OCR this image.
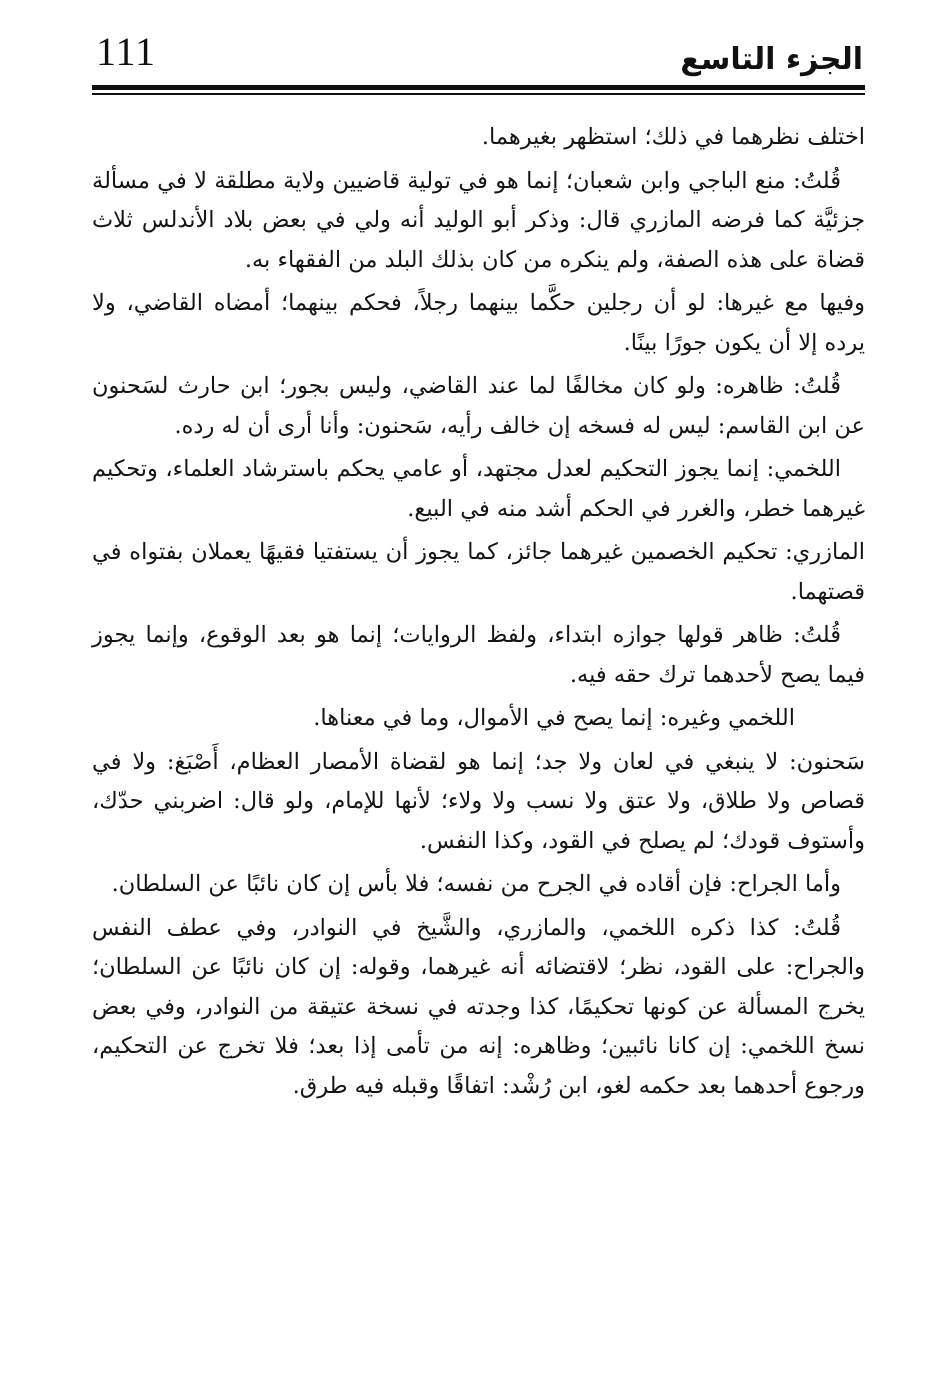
111	الجزء التاسع

اختلف نظرهما في ذلك؛ استظهر بغيرهما.

قُلتُ: منع الباجي وابن شعبان؛ إنما هو في تولية قاضيين ولاية مطلقة لا في مسألة جزئيَّة كما فرضه المازري قال: وذكر أبو الوليد أنه ولي في بعض بلاد الأندلس ثلاث قضاة على هذه الصفة، ولم ينكره من كان بذلك البلد من الفقهاء به.

وفيها مع غيرها: لو أن رجلين حكَّما بينهما رجلاً، فحكم بينهما؛ أمضاه القاضي، ولا يرده إلا أن يكون جورًا بينًا.

قُلتُ: ظاهره: ولو كان مخالفًا لما عند القاضي، وليس بجور؛ ابن حارث لسَحنون عن ابن القاسم: ليس له فسخه إن خالف رأيه، سَحنون: وأنا أرى أن له رده.

اللخمي: إنما يجوز التحكيم لعدل مجتهد، أو عامي يحكم باسترشاد العلماء، وتحكيم غيرهما خطر، والغرر في الحكم أشد منه في البيع.

المازري: تحكيم الخصمين غيرهما جائز، كما يجوز أن يستفتيا فقيهًا يعملان بفتواه في قصتهما.

قُلتُ: ظاهر قولها جوازه ابتداء، ولفظ الروايات؛ إنما هو بعد الوقوع، وإنما يجوز فيما يصح لأحدهما ترك حقه فيه.

اللخمي وغيره: إنما يصح في الأموال، وما في معناها.

سَحنون: لا ينبغي في لعان ولا جد؛ إنما هو لقضاة الأمصار العظام، أَصْبَغ: ولا في قصاص ولا طلاق، ولا عتق ولا نسب ولا ولاء؛ لأنها للإمام، ولو قال: اضربني حدّك، وأستوف قودك؛ لم يصلح في القود، وكذا النفس.

وأما الجراح: فإن أقاده في الجرح من نفسه؛ فلا بأس إن كان نائبًا عن السلطان.

قُلتُ: كذا ذكره اللخمي، والمازري، والشَّيخ في النوادر، وفي عطف النفس والجراح: على القود، نظر؛ لاقتضائه أنه غيرهما، وقوله: إن كان نائبًا عن السلطان؛ يخرج المسألة عن كونها تحكيمًا، كذا وجدته في نسخة عتيقة من النوادر، وفي بعض نسخ اللخمي: إن كانا نائبين؛ وظاهره: إنه من تأمى إذا بعد؛ فلا تخرج عن التحكيم، ورجوع أحدهما بعد حكمه لغو، ابن رُشْد: اتفاقًا وقبله فيه طرق.
